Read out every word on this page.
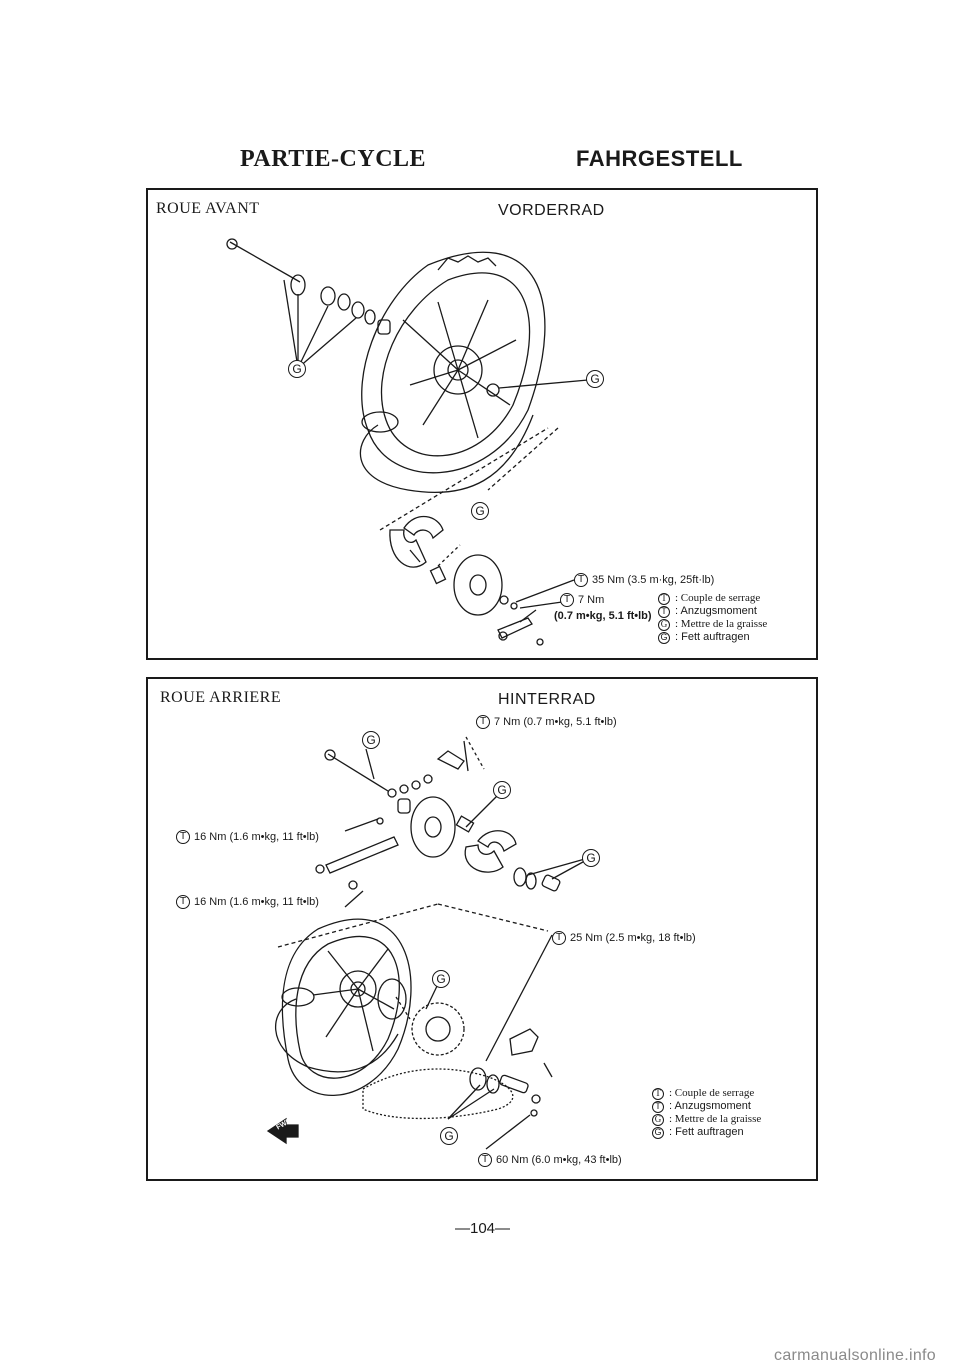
PARTIE-CYCLE	FAHRGESTELL
ROUE AVANT	VORDERRAD
G
G
G
T 35 Nm (3.5 m·kg, 25ft·lb)
T 7 Nm
(0.7 m•kg, 5.1 ft•lb)
T : Couple de serrage
T : Anzugsmoment
G : Mettre de la graisse
G : Fett auftragen
ROUE ARRIERE	HINTERRAD
G
G
G
G
G
T 7 Nm (0.7 m•kg, 5.1 ft•lb)
T 16 Nm (1.6 m•kg, 11 ft•lb)
T 16 Nm (1.6 m•kg, 11 ft•lb)
T 25 Nm (2.5 m•kg, 18 ft•lb)
T 60 Nm (6.0 m•kg, 43 ft•lb)
T : Couple de serrage
T : Anzugsmoment
G : Mettre de la graisse
G : Fett auftragen
FWD
—104—
carmanualsonline.info
